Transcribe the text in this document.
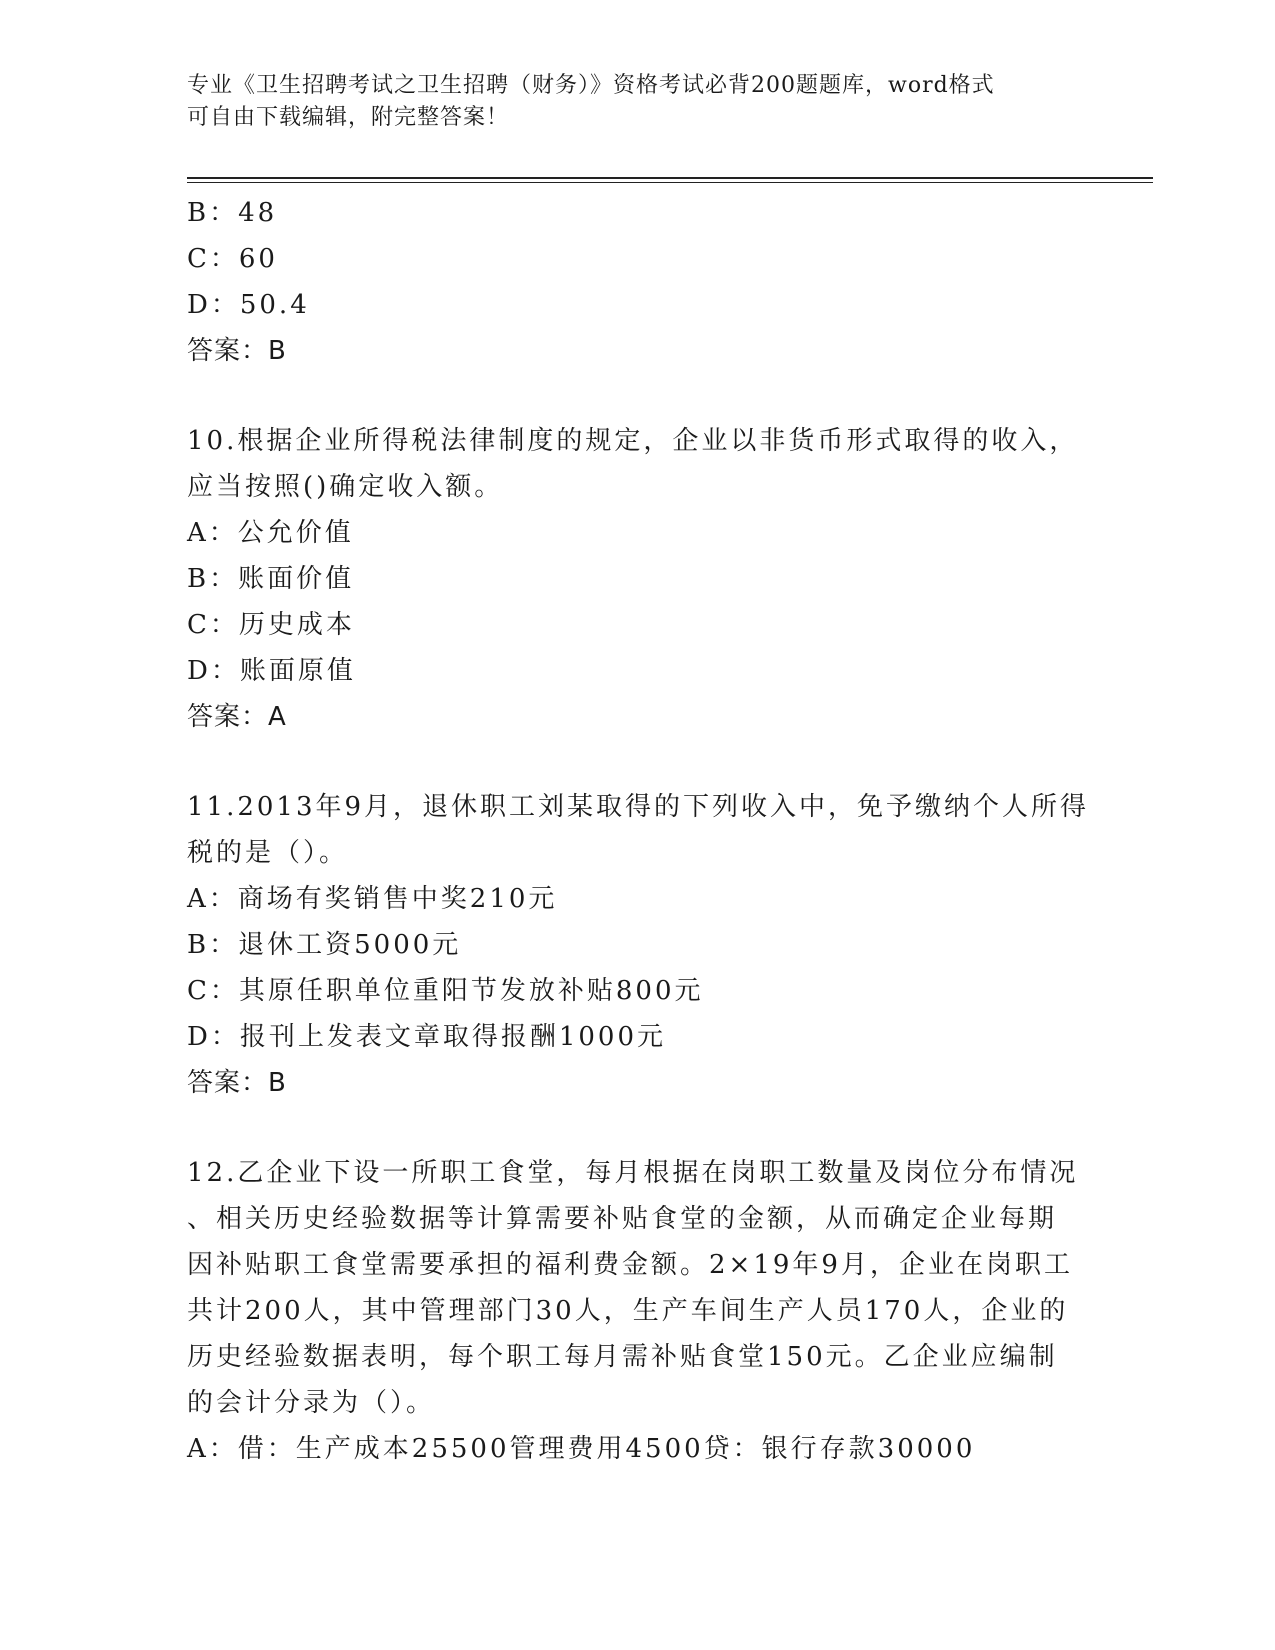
专业《卫生招聘考试之卫生招聘（财务）》资格考试必背200题题库，word格式
可自由下载编辑，附完整答案！
B：48
C：60
D：50.4
答案：B
10.根据企业所得税法律制度的规定，企业以非货币形式取得的收入，
应当按照()确定收入额。
A：公允价值
B：账面价值
C：历史成本
D：账面原值
答案：A
11.2013年9月，退休职工刘某取得的下列收入中，免予缴纳个人所得
税的是（）。
A：商场有奖销售中奖210元
B：退休工资5000元
C：其原任职单位重阳节发放补贴800元
D：报刊上发表文章取得报酬1000元
答案：B
12.乙企业下设一所职工食堂，每月根据在岗职工数量及岗位分布情况
、相关历史经验数据等计算需要补贴食堂的金额，从而确定企业每期
因补贴职工食堂需要承担的福利费金额。2×19年9月，企业在岗职工
共计200人，其中管理部门30人，生产车间生产人员170人，企业的
历史经验数据表明，每个职工每月需补贴食堂150元。乙企业应编制
的会计分录为（）。
A：借：生产成本25500管理费用4500贷：银行存款30000
